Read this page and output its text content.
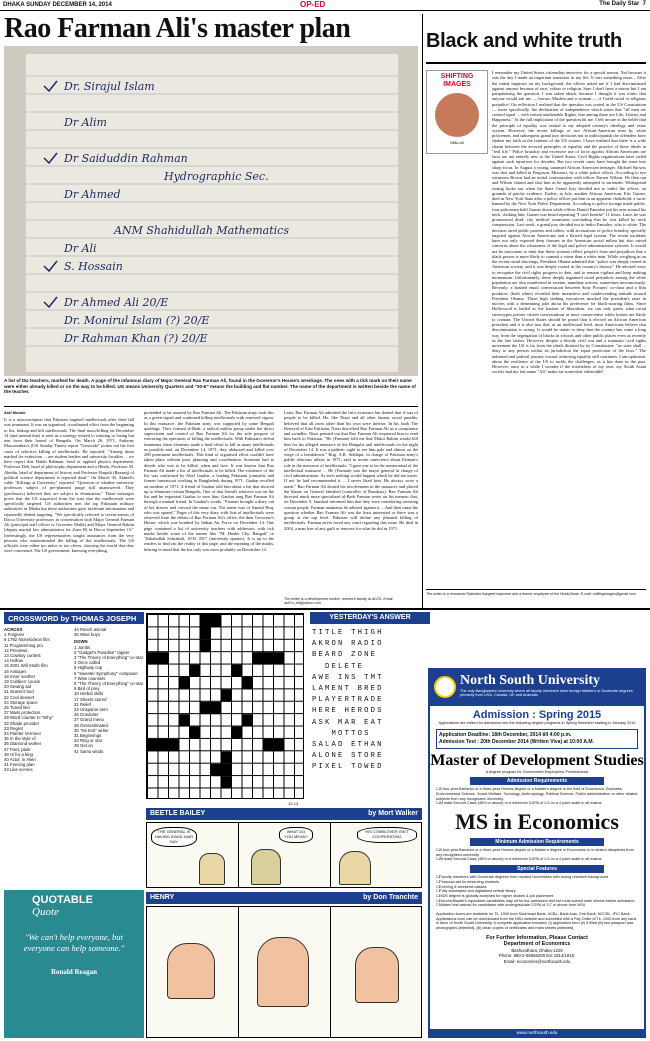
DHAKA SUNDAY DECEMBER 14, 2014	OP-ED	The Daily Star 7
Rao Farman Ali's master plan
Dr. Sirajul Islam
Dr Alim
Dr Saiduddin Rahman
Hydrographic Sec.
Dr Ahmed
ANM Shahidullah Mathematics
Dr Ali
S. Hossain
Dr Ahmed Ali 20/E
Dr. Monirul Islam (?) 20/E
Dr Rahman Khan (?) 20/E
A list of DU teachers, marked for death. A page of the infamous diary of Major General Rao Farman Ali, found in the Governor's House's wreckage. The ones with a tick mark on their name were either already killed or on the way to be killed. UG means University Quarters and "30-E" means the building and flat number. The name of the department is written beside the name of the teacher.
Asif Munier

It is a misconception that Pakistan targeted intellectuals after their fall was imminent. It was an organised, coordinated effort from the beginning to list, kidnap and kill intellectuals. The final mass-killing on December 14 (and around that) is seen as a strategy related to winning or losing but one from their hatred of Bengalis. On March 26, 1971, Anthony Mascarenhas's (UK Sunday Times) report "Genocide" points out the first cases of selective killing of intellectuals. He reported: "Among those marked for extinction ... are student leaders and university faculties ... we have report that Habib Rahman, head of applied physics department, Professor Deb, head of philosophy department and a Hindu, Professor M. Abedin, head of department of history and Professor Raquib (Razzaq) of political science department is reported dead." On March 30, Ahmed's cable "Killings at University" reported: "Question of whether university professors subject of pre-planned purge still unanswered. They (professors) believed they are subject to elimination." These messages prove that the US suspected from the start that the intellectuals were specifically targeted. US authorities met the top Pakistani military authorities in Dhaka but these authorities gave irrelevant information and repeatedly denied targeting. "We specifically referred to recent arrests of Dacca University professors in conversation with Major General Farman Ali (principal staff officer to Governor Malik) and Major General Rahim (deputy martial law administrator for Zone B) in Dacca September 13." Interestingly, the US representatives sought assurances from the very persons who masterminded the killing of the intellectuals. The US officials were either too naive or too clever, showing the world that they were concerned. The US government, knowing everything,

pretended to be assured by Rao Farman Ali. The Pakistan army took this as a green signal and continued killing intellectuals with renewed vigour. In this massacre, the Pakistan army was supported by some Bengali quislings. They formed al-Badr, a radical militia group under the direct supervision and control of Rao Farman Ali for the sole purpose of executing the operation of killing the intellectuals. With Pakistan's defeat imminent, these elements made a final effort to kill as many intellectuals as possible and, on December 14, 1971, they abducted and killed over 200 prominent intellectuals. This kind of organised effort couldn't have taken place without prior planning and coordination. Someone had to decide who was to be killed, when and how. It was known that Rao Farman Ali made a list of intellectuals to be killed. The existence of the list was confirmed by Altaf Gauhar, a leading Pakistani journalist and former bureaucrat working in Bangladesh during 1971. Gauhar recalled an incident of 1971. A friend of Gauhar told him about a list that showed up to eliminate certain Bengalis. One of that friend's relatives was on the list and he requested Gauhar to save him. Gauhar rang Rao Farman Ali through a mutual friend. In Gauhar's words, "Farman brought a diary out of his drawer and crossed the name out. The name was of Sanaul Huq, who was spared." Pages of this very diary with lists of intellectuals were retrieved from the debris of Rao Farman Ali's office, the then Governor's House, which was bombed by Indian Air Force on December 14. One page contained a list of university teachers with addresses, with tick marks beside some of the names like "M. Haider Chy. Bangali" or "Sahabullah Sohrabali, 10-D, DU" (university quarter). It is up to the readers to find out the reality of this page, and the meaning of the marks, bearing in mind that the list only was most probably on December 14.

Later, Rao Farman Ali admitted the list's existence but denied that it was of people to be killed. He, like Niazi and all other fanatic racial pundits, believed that all races other than his own were inferior. In his book The Betrayal of East Pakistan, Niazi described Rao Farman Ali as a conspirator and swindler. Niazi pointed out that Rao Farman Ali requested him to send him back to Pakistan. "He (Farman) told me that Mukti Bahini would kill him for his alleged massacre of the Bengalis and intellectuals on the night of December 14. It was a pathetic sight to see him pale and almost on the verge of a breakdown." Brig. A.R. Siddiqui, in charge of Pakistan army's public relations affairs in 1971, said in recent interviews about Farman's role in the massacre of intellectuals: "I gave one to be the mastermind of the intellectual massacre ... He (Farman) was the major general in charge of civil administration. As such nothing would happen which he did not know. If not he had recommended it ... I never liked him. He always wore a mask." Rao Farman Ali denied his involvement in the massacre and placed the blame on General Jamshed (controller of Razakars). Rao Farman Ali directed much more specialised al-Badr Farman wrote on his memoir that, on December 9, Jamshed informed him that they were considering arresting certain people. Farman maintains he advised against it. ...And then came the question whether Rao Farman Ali was the least interested or there was a group at the top level. Pakistan will define any planned killing of intellectuals. Farman never faced any court regarding this issue. He died in 2004, a man free of any guilt or remorse for what he did in 1971.

The writer is a development worker, research faculty at ALDS. Email: asif.m_bd@yahoo.com
Black and white truth
SHIFTING IMAGES
Milia Ali

I remember my United States citizenship interview for a special reason. Not because it was the day I made an important transition in my life. It was something more... After the initial inquiries on my background, the officer asked me if I had discriminated against anyone because of race, colour or religion. Sure I don't have a mirror but I am paraphrasing the question. I was taken aback, because I thought it was ironic that anyone would ask me — brown, Muslim and a woman — if I held racial or religious prejudice! On reflection I realised that the question was rooted in the US Constitution — more specifically, the declaration of independence which states that "all men are created equal ... with certain unalienable Rights, that among these are Life, Liberty and Happiness." At the full implication of the question hit me. I felt secure in the belief that the principle of equality was central to my adopted country's ideology and value system. However, the recent killings of two African-American men by white policemen, and subsequent grand jury decisions not to indict/punish the offenders have shaken my faith in the fairness of the US system. I have realised that there is a wide chasm between the avowed principles of equality and the practice of these ideals in "real life." Police brutality and excessive use of force against African Americans are facts are not entirely new to the United States. Civil Rights organisations have railed against such injustices for decades. But two recent cases have brought the issue into sharp focus. In August a young, unarmed African American teenager, Michael Brown, was shot and killed in Ferguson, Missouri, by a white police officer. According to eye witnesses Brown had an initial confrontation with officer Darren Wilson. He then ran and Wilson chased and shot him as he apparently attempted to surrender. Widespread rioting broke out when the State Grand Jury decided not to indict the officer, on grounds of patchy evidence. Earlier, in July, another African American, Eric Garner, died in New York State after a police officer put him in an apparent chokehold: a tactic banned by the New York Police Department. According to police footage made public, four policemen held Garner down while officer Daniel Pantaleo put his arm around his neck, choking him. Garner was heard repeating "I can't breathe" 11 times. Later, he was pronounced dead, city medical examiners concluding that he was killed by neck compression. Last week, a grand jury decided not to indict Pantaleo, who is white. The decision aired public protests and rallies, with accusations of police brutality specially targeted against African Americans and a flawed legal system. The recent incidents have not only exposed deep fissures in the American social milieu but also raised concerns about the robustness of the legal and police administration systems. It would not be inaccurate to infer that these systems reflect people's fears and prejudices that a black person is more likely to commit a crime than a white man. While weighing in on the recent racial shootings, President Obama admitted that "police was deeply rooted in American society, and it was deeply rooted in the country's history." He advised ways to recognise the civil rights progress to date, and to remain vigilant and keep making momentum. Unfortunately, these deeply ingrained racial prejudices among the white population are also manifested in routine, mundane actions, sometimes unconsciously. Recently, a hushed email conversation between Sony Pictures' co-chair and a film producer, (both white) revealed their insensitive and condescending attitude toward President Obama. These high ranking executives mocked the president's taste in movies with a demeaning joke about his preference for black-starring films. Since Hollywood is hailed as the bastion of liberalism, we can only guess what racial stereotypes private citizen conversations at more conservative white homes are likely to contain. The United States should be proud that it elected an African American president and it is also true that, at an intellectual level, most Americans believe that discrimination is wrong. It would be unfair to deny that the country has come a long way from the segregation of blacks in schools and other public places even as recently as the late sixties. However, despite a bloody civil war and a traumatic civil rights movement the US is far from the ideals dictated by its Constitution: "no state shall ... deny to any person within its jurisdiction the equal protection of the laws." The unbiased and judicial journey toward achieving equality still continues. I am optimistic about the resilience of the US to tackle the challenges, as it has done in the past. However, once in a while I wonder if the forefathers of my own, my South Asian society and my last name "Ali" make me somewhat vulnerable!

The writer is a renowned Rabindra Sangeet exponent and a former employee of the World Bank. E-mail: shiftingimages@gmail.com
CROSSWORD by THOMAS JOSEPH
ACROSS
1 Forgiven
6 1792 Nickelodeon film
11 Programming pro
12 Previews
13 Cowboy contest
14 Hollow
15 2001 Will Smith film
16 Antiques
18 Inner soother
19 Cubbies' cousin
20 Sewing aid
21 Guess's bed
22 Cool dessert
24 Storage space
25 Tuned liter
27 Mass protection
29 Word counter to "Why"
32 Shade provider
33 Regret
34 Painter Vermeer
35 In the style of
36 Diamond worker
37 Poet, plain
38 Hi for a king
40 Actor, in Alien
41 Fencing plan
43 Like scenes
44 Ranch animal
45 Wine buys
DOWN
1 Jumbs
2 "Gadget's Paradise" rapper
3 "The Theory of Everything" co-star
4 Once called
5 Highway cop
6 "Sweeter Symphony" composer
7 Wise counsels
8 "The Theory of Everything" co-star
9 Bird of prey
10 Herbal skills
17 Sheets stored
21 Relief
23 Unsparse item
26 Gondolier
27 Grand menu
28 Overestimated
30 "No Exit" writer
31 Beginnings
33 Ring or star
39 Get on
41 Samo winds
12-13
YESTERDAY'S ANSWER
TITLE THIGH
AKRON RADIO
BEARD ZONE
DELETE
AWE INS TMT
LAMENT BRED
PLAYERTRADE
HERE HERODS
ASK MAR EAT
MOTTOS
SALAD ETHAN
ALONE STORE
PIXEL TOWED
BEETLE BAILEY	by Mort Walker
THE GENERAL IS HAVING A BAD HAIR DAY
WHAT DO YOU MEAN?
HIS COMB-OVER ISN'T COOPERATING
QUOTABLE
Quote
"We can't help everyone, but everyone can help someone."
Ronald Reagan
HENRY	by Don Tranchte
North South University
The only Bangladeshi university where all faculty members have foreign Master's or Doctorate degrees primarily from USA, Canada, UK and Australia
Admission : Spring 2015
Applications are invited for admission into the following degree programs in Spring Semester starting in January 2015
Application Deadline: 18th December, 2014 till 4:00 p.m.
Admission Test : 20th December 2014 (Written Viva) at 10:00 A.M.
Master of Development Studies
A degree program for Government Employees/ Professionals
Admission Requirements
☐ A four-year Bachelor or a three-year Honors degree or a Master's degree in the field of Economics, Business, Environmental Science, Social Welfare, Sociology, Anthropology, Political Science, Public administration or other related subjects from any recognized University.
☐ At least Second Class (45% or above) or a minimum CGPA of 2.5 on a 4 point scale in all exams.
MS in Economics
Minimum Admission Requirements
☐ A four-year Bachelor or a three-year Honors degree or a Master's degree in Economics or in related disciplines from any recognized university.
☐ At least Second Class (45% or above) or a minimum CGPA of 2.5 on a 4 point scale in all exams.
Special Features
☐ Faculty members with Doctorate degrees from reputed Universities with strong research background
☐ Financial aid for deserving students
☐ Evening & weekend classes
☐ Fully automated and digitalized central library
☐ MDS degree is globally accepted for higher studies & job placement
☐ Honors/Master's equivalent candidates may sit for the admission test but must submit mark sheets before admission
☐ Written test waived for candidates with undergraduate CGPA of 3.7 or above from NSU
Application forms are available for Tk. 1000 from Southeast Bank, UCBL, Bank Asia, One Bank, NCCBL, IFIC Bank. Applications form can be downloaded from the NSU website and submitted with a Pay Order of Tk. 1000 from any bank in favor of North South University. A complete application includes: (i) application form (ii) 3 filled (iii) two passport size photographs (attested), (iii) clean copies of certificates and mark sheets (attested).
For Further Information, Please Contact
Department of Economics
Bashundhara, Dhaka-1229
Phone: 880-2-55668200 Ext 1814/1815;
Email: economics@northsouth.edu
www.northsouth.edu
